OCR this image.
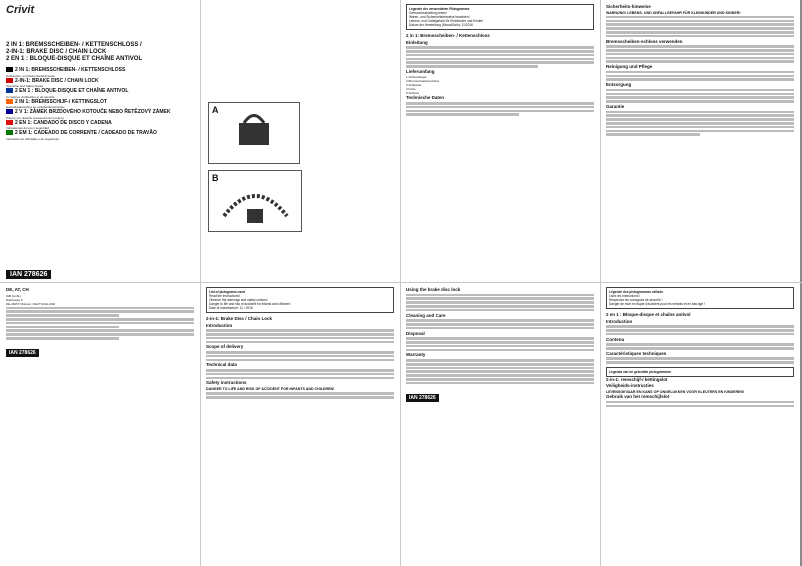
Crivit
2 IN 1: BREMSSCHEIBEN- / KETTENSCHLOSS /
2-IN-1: BRAKE DISC / CHAIN LOCK
2 EN 1 : BLOQUE-DISQUE ET CHAÎNE ANTIVOL
2 IN 1: BREMSSCHEIBEN- / KETTENSCHLOSS
Gebrauchs- und Sicherheitshinweise
2-IN-1: BRAKE DISC / CHAIN LOCK
Operation and Safety Notes
2 EN 1 : BLOQUE-DISQUE ET CHAÎNE ANTIVOL
Consignes d'utilisation et de sécurité
2 IN 1: BREMSSCHIJF-/ KETTINGSLOT
Gebruiksaanwijzing en veiligheidsinstructies
2 V 1: ZÁMEK BRZDOVÉHO KOTOUČE NEBO ŘETĚZOVÝ ZÁMEK
Pokyny pro obsluhu a bezpečnostní pokyny
2 EN 1: CANDADO DE DISCO Y CADENA
Indicaciones de uso y seguridad
2 EM 1: CADEADO DE CORRENTE / CADEADO DE TRAVÃO
Instruções de utilização e de segurança
IAN 278626
A

B
Legende der verwendeten Piktogramme
Gebrauchsanleitung lesen!
Waren- und Sicherheitshinweise beachten!
Lebens- und Unfallgefahr für Kleinkinder und Kinder!
Datum der Herstellung (Monat/Jahr): 11/2016
2 in 1: Bremsscheiben- / Kettenschloss
Einleitung
Lieferumfang
1 Schlossbügel
2 Bremsscheibenschloss
3 Schlüssel
4 Kette
5 Schloss
Technische Daten
Sicherheits-hinweise
WARNUNG! LEBENS- UND UNFALLGEFAHR FÜR KLEINKINDER UND KINDER!
Bremsscheiben-schloss verwenden
Reinigung und Pflege
Entsorgung
Garantie
DE, AT, CH
IGB GmbH
Diebtsweg 8
DE-48157 Münster, DEUTSCHLAND
IAN 278626
List of pictograms used
Read the instructions!
Observe the warnings and safety notices!
Danger to life and risk of accident for infants and children!
Date of manufacture: 11 / 2016
2-in-1: Brake Disc / Chain Lock
Introduction
Scope of delivery
Technical data
Safety instructions
DANGER TO LIFE AND RISK OF ACCIDENT FOR INFANTS AND CHILDREN!
Using the brake disc lock
Cleaning and Care
Disposal
Warranty
IAN 278626
Légende des pictogrammes utilisés
Lisez les instructions !
Respectez les consignes de sécurité !
Danger de mort et risque d'accident pour les enfants et en bas âge !
2 en 1 : Bloque-disque et chaîne antivol
Introduction
Contenu
Caractéristiques techniques
Legenda van de gebruikte pictogrammen
2-in-1: remschijf-/ kettingslot
Veiligheids-instructies
LEVENSGEVAAR EN KANS OP ONGELUKKEN VOOR KLEUTERS EN KINDEREN!
Gebruik van het remschijfslot
